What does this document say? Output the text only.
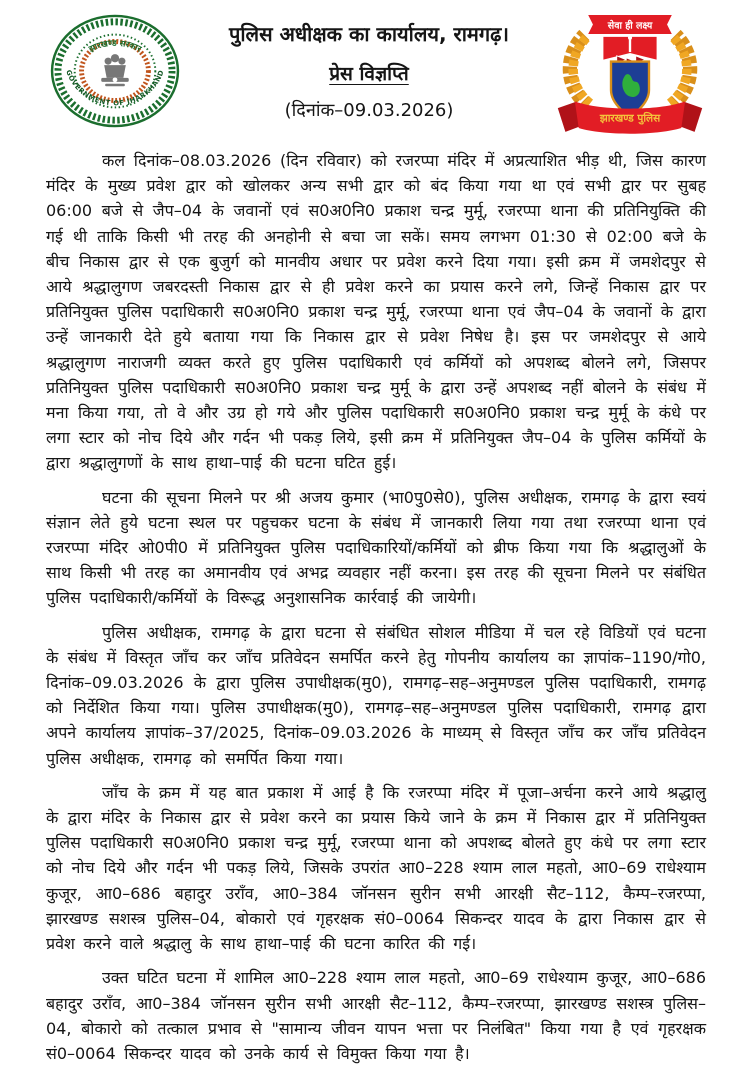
झारखण्ड सरकार
GOVERNMENT OF JHARKHAND
पुलिस अधीक्षक का कार्यालय, रामगढ़।
प्रेस विज्ञप्ति
(दिनांक–09.03.2026)
सेवा ही लक्ष्य
झारखण्ड पुलिस

कल दिनांक–08.03.2026 (दिन रविवार) को रजरप्पा मंदिर में अप्रत्याशित भीड़ थी, जिस कारण मंदिर के मुख्य प्रवेश द्वार को खोलकर अन्य सभी द्वार को बंद किया गया था एवं सभी द्वार पर सुबह 06:00 बजे से जैप–04 के जवानों एवं स0अ0नि0 प्रकाश चन्द्र मुर्मू, रजरप्पा थाना की प्रतिनियुक्ति की गई थी ताकि किसी भी तरह की अनहोनी से बचा जा सकें। समय लगभग 01:30 से 02:00 बजे के बीच निकास द्वार से एक बुजुर्ग को मानवीय अधार पर प्रवेश करने दिया गया। इसी क्रम में जमशेदपुर से आये श्रद्धालुगण जबरदस्ती निकास द्वार से ही प्रवेश करने का प्रयास करने लगे, जिन्हें निकास द्वार पर प्रतिनियुक्त पुलिस पदाधिकारी स0अ0नि0 प्रकाश चन्द्र मुर्मू, रजरप्पा थाना एवं जैप–04 के जवानों के द्वारा उन्हें जानकारी देते हुये बताया गया कि निकास द्वार से प्रवेश निषेध है। इस पर जमशेदपुर से आये श्रद्धालुगण नाराजगी व्यक्त करते हुए पुलिस पदाधिकारी एवं कर्मियों को अपशब्द बोलने लगे, जिसपर प्रतिनियुक्त पुलिस पदाधिकारी स0अ0नि0 प्रकाश चन्द्र मुर्मू के द्वारा उन्हें अपशब्द नहीं बोलने के संबंध में मना किया गया, तो वे और उग्र हो गये और पुलिस पदाधिकारी स0अ0नि0 प्रकाश चन्द्र मुर्मू के कंधे पर लगा स्टार को नोच दिये और गर्दन भी पकड़ लिये, इसी क्रम में प्रतिनियुक्त जैप–04 के पुलिस कर्मियों के द्वारा श्रद्धालुगणों के साथ हाथा–पाई की घटना घटित हुई।

घटना की सूचना मिलने पर श्री अजय कुमार (भा0पु0से0), पुलिस अधीक्षक, रामगढ़ के द्वारा स्वयं संज्ञान लेते हुये घटना स्थल पर पहुचकर घटना के संबंध में जानकारी लिया गया तथा रजरप्पा थाना एवं रजरप्पा मंदिर ओ0पी0 में प्रतिनियुक्त पुलिस पदाधिकारियों/कर्मियों को ब्रीफ किया गया कि श्रद्धालुओं के साथ किसी भी तरह का अमानवीय एवं अभद्र व्यवहार नहीं करना। इस तरह की सूचना मिलने पर संबंधित पुलिस पदाधिकारी/कर्मियों के विरूद्ध अनुशासनिक कार्रवाई की जायेगी।

पुलिस अधीक्षक, रामगढ़ के द्वारा घटना से संबंधित सोशल मीडिया में चल रहे विडियों एवं घटना के संबंध में विस्तृत जाँच कर जाँच प्रतिवेदन समर्पित करने हेतु गोपनीय कार्यालय का ज्ञापांक–1190/गो0, दिनांक–09.03.2026 के द्वारा पुलिस उपाधीक्षक(मु0), रामगढ़–सह–अनुमण्डल पुलिस पदाधिकारी, रामगढ़ को निर्देशित किया गया। पुलिस उपाधीक्षक(मु0), रामगढ़–सह–अनुमण्डल पुलिस पदाधिकारी, रामगढ़ द्वारा अपने कार्यालय ज्ञापांक–37/2025, दिनांक–09.03.2026 के माध्यम् से विस्तृत जाँच कर जाँच प्रतिवेदन पुलिस अधीक्षक, रामगढ़ को समर्पित किया गया।

जाँच के क्रम में यह बात प्रकाश में आई है कि रजरप्पा मंदिर में पूजा–अर्चना करने आये श्रद्धालु के द्वारा मंदिर के निकास द्वार से प्रवेश करने का प्रयास किये जाने के क्रम में निकास द्वार में प्रतिनियुक्त पुलिस पदाधिकारी स0अ0नि0 प्रकाश चन्द्र मुर्मू, रजरप्पा थाना को अपशब्द बोलते हुए कंधे पर लगा स्टार को नोच दिये और गर्दन भी पकड़ लिये, जिसके उपरांत आ0–228 श्याम लाल महतो, आ0–69 राधेश्याम कुजूर, आ0–686 बहादुर उराँव, आ0–384 जॉनसन सुरीन सभी आरक्षी सैट–112, कैम्प–रजरप्पा, झारखण्ड सशस्त्र पुलिस–04, बोकारो एवं गृहरक्षक सं0–0064 सिकन्दर यादव के द्वारा निकास द्वार से प्रवेश करने वाले श्रद्धालु के साथ हाथा–पाई की घटना कारित की गई।

उक्त घटित घटना में शामिल आ0–228 श्याम लाल महतो, आ0–69 राधेश्याम कुजूर, आ0–686 बहादुर उराँव, आ0–384 जॉनसन सुरीन सभी आरक्षी सैट–112, कैम्प–रजरप्पा, झारखण्ड सशस्त्र पुलिस–04, बोकारो को तत्काल प्रभाव से "सामान्य जीवन यापन भत्ता पर निलंबित" किया गया है एवं गृहरक्षक सं0–0064 सिकन्दर यादव को उनके कार्य से विमुक्त किया गया है।
